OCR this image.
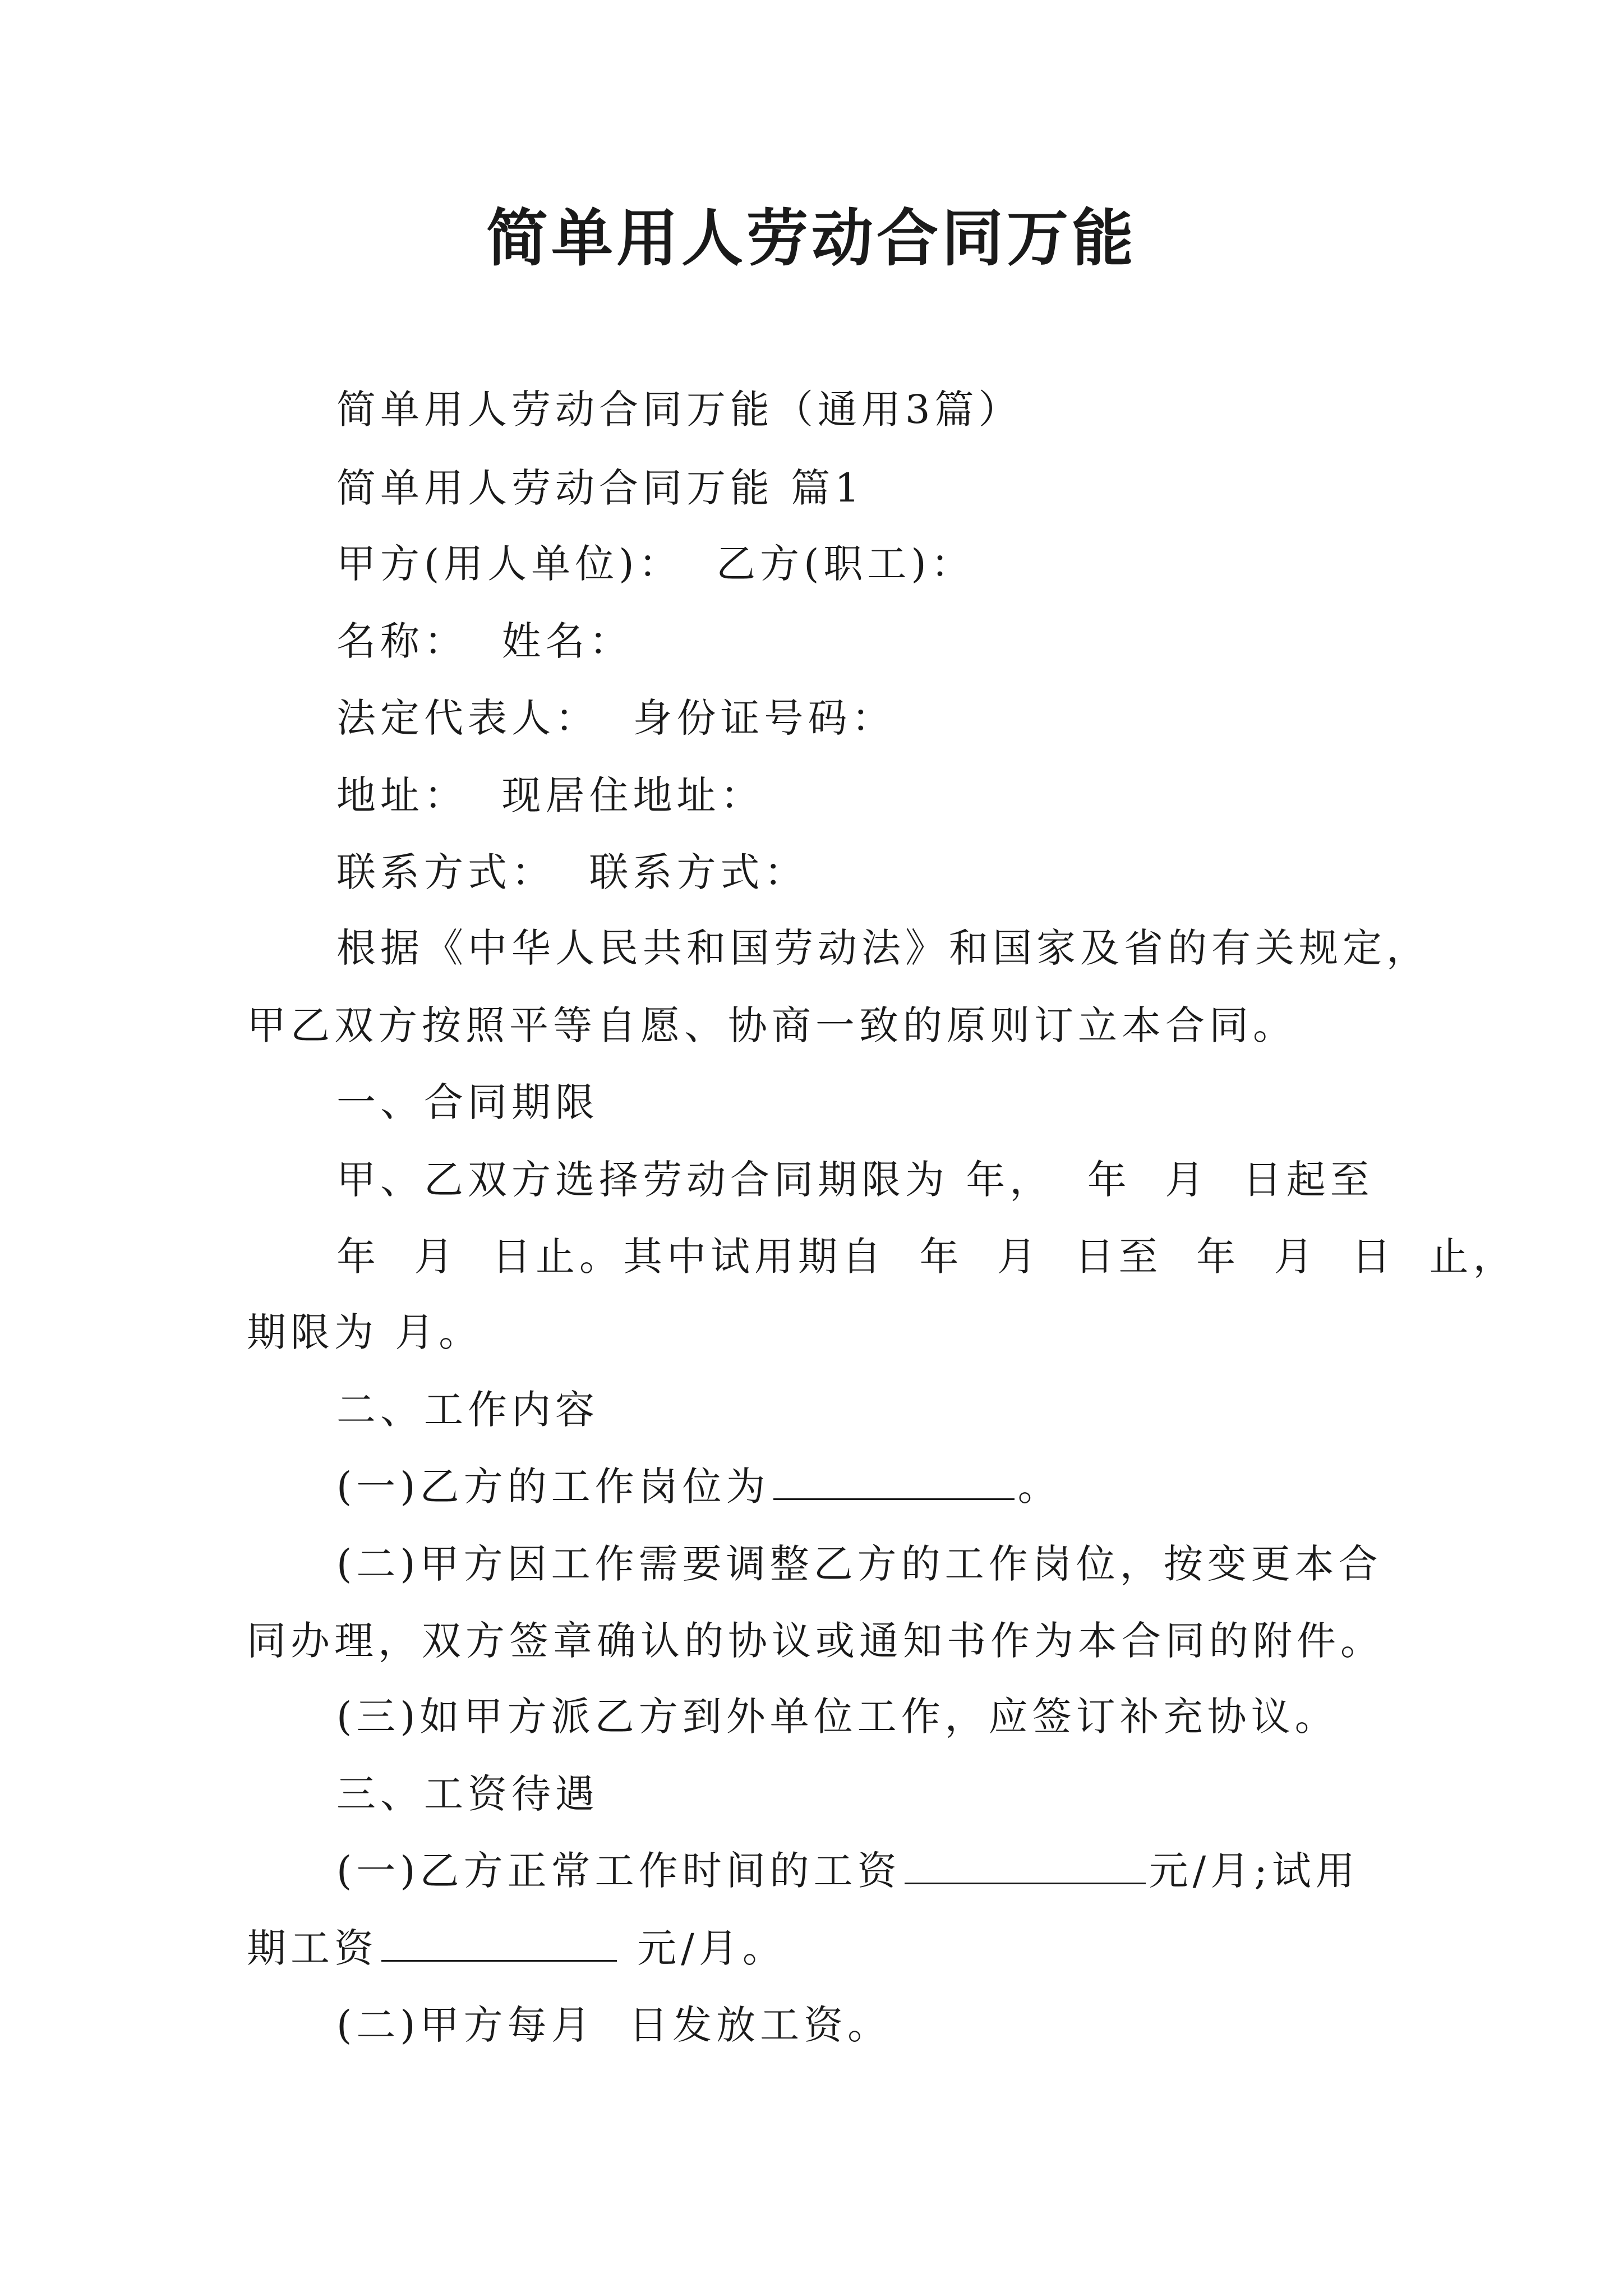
简单用人劳动合同万能
简单用人劳动合同万能（通用3篇）
简单用人劳动合同万能 篇1
甲方(用人单位)：  乙方(职工)：
名称：  姓名：
法定代表人：  身份证号码：
地址：  现居住地址：
联系方式：  联系方式：
根据《中华人民共和国劳动法》和国家及省的有关规定，
甲乙双方按照平等自愿、协商一致的原则订立本合同。
一、合同期限
甲、乙双方选择劳动合同期限为 年，  年  月  日起至
年  月  日止。其中试用期自  年  月  日至  年  月  日  止，
期限为 月。
二、工作内容
(一)乙方的工作岗位为	。
(二)甲方因工作需要调整乙方的工作岗位，按变更本合
同办理，双方签章确认的协议或通知书作为本合同的附件。
(三)如甲方派乙方到外单位工作，应签订补充协议。
三、工资待遇
(一)乙方正常工作时间的工资	元/月;试用
期工资	元/月。
(二)甲方每月  日发放工资。
